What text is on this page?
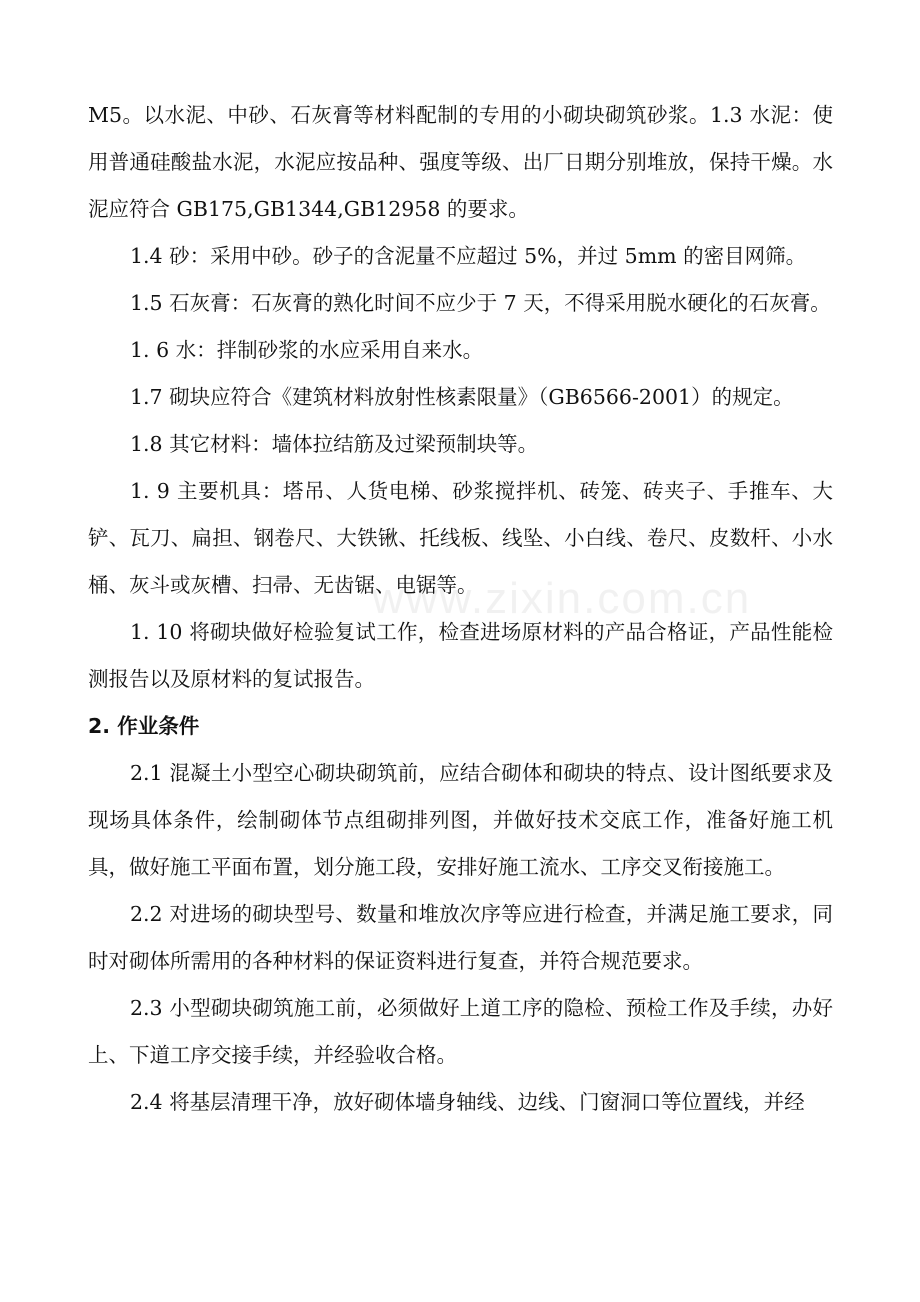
www.zixin.com.cn

M5。以水泥、中砂、石灰膏等材料配制的专用的小砌块砌筑砂浆。1.3 水泥：使用普通硅酸盐水泥，水泥应按品种、强度等级、出厂日期分别堆放，保持干燥。水泥应符合 GB175,GB1344,GB12958 的要求。

1.4 砂：采用中砂。砂子的含泥量不应超过 5%，并过 5mm 的密目网筛。

1.5 石灰膏：石灰膏的熟化时间不应少于 7 天，不得采用脱水硬化的石灰膏。

1. 6 水：拌制砂浆的水应采用自来水。

1.7 砌块应符合《建筑材料放射性核素限量》（GB6566-2001）的规定。

1.8 其它材料：墙体拉结筋及过梁预制块等。

1. 9 主要机具：塔吊、人货电梯、砂浆搅拌机、砖笼、砖夹子、手推车、大铲、瓦刀、扁担、钢卷尺、大铁锹、托线板、线坠、小白线、卷尺、皮数杆、小水桶、灰斗或灰槽、扫帚、无齿锯、电锯等。

1. 10 将砌块做好检验复试工作，检查进场原材料的产品合格证，产品性能检测报告以及原材料的复试报告。

2. 作业条件

2.1 混凝土小型空心砌块砌筑前，应结合砌体和砌块的特点、设计图纸要求及现场具体条件，绘制砌体节点组砌排列图，并做好技术交底工作，准备好施工机具，做好施工平面布置，划分施工段，安排好施工流水、工序交叉衔接施工。

2.2 对进场的砌块型号、数量和堆放次序等应进行检查，并满足施工要求，同时对砌体所需用的各种材料的保证资料进行复查，并符合规范要求。

2.3 小型砌块砌筑施工前，必须做好上道工序的隐检、预检工作及手续，办好上、下道工序交接手续，并经验收合格。

2.4 将基层清理干净，放好砌体墙身轴线、边线、门窗洞口等位置线，并经
